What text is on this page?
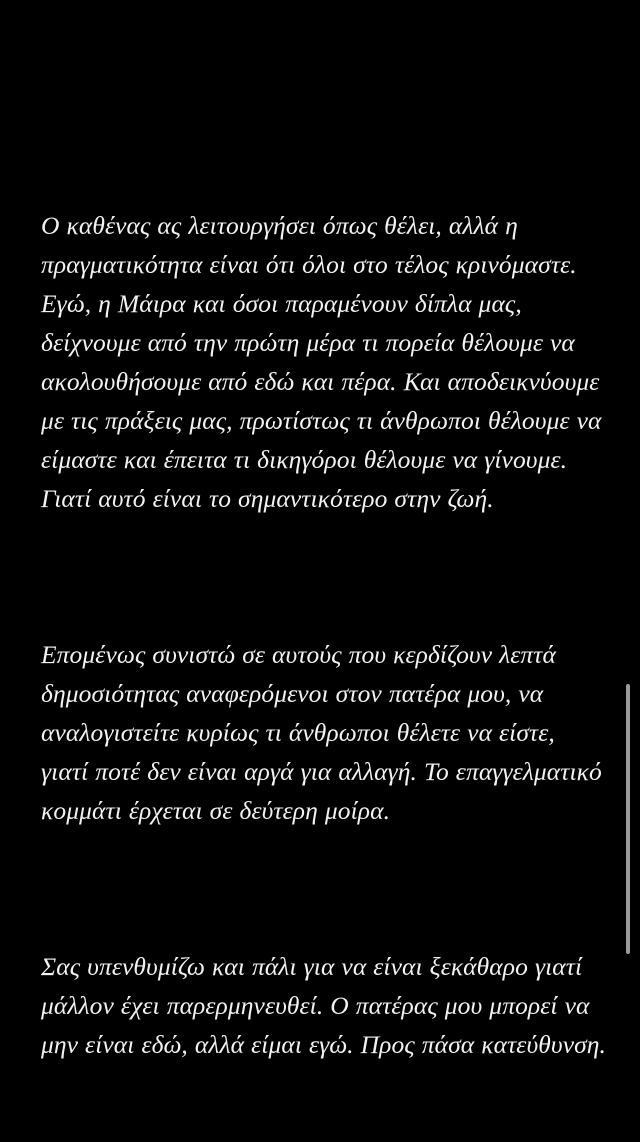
Ο καθένας ας λειτουργήσει όπως θέλει, αλλά η πραγματικότητα είναι ότι όλοι στο τέλος κρινόμαστε. Εγώ, η Μάιρα και όσοι παραμένουν δίπλα μας, δείχνουμε από την πρώτη μέρα τι πορεία θέλουμε να ακολουθήσουμε από εδώ και πέρα. Και αποδεικνύουμε με τις πράξεις μας, πρωτίστως τι άνθρωποι θέλουμε να είμαστε και έπειτα τι δικηγόροι θέλουμε να γίνουμε. Γιατί αυτό είναι το σημαντικότερο στην ζωή.

Επομένως συνιστώ σε αυτούς που κερδίζουν λεπτά δημοσιότητας αναφερόμενοι στον πατέρα μου, να αναλογιστείτε κυρίως τι άνθρωποι θέλετε να είστε, γιατί ποτέ δεν είναι αργά για αλλαγή. Το επαγγελματικό κομμάτι έρχεται σε δεύτερη μοίρα.

Σας υπενθυμίζω και πάλι για να είναι ξεκάθαρο γιατί μάλλον έχει παρερμηνευθεί. Ο πατέρας μου μπορεί να μην είναι εδώ, αλλά είμαι εγώ. Προς πάσα κατεύθυνση.
